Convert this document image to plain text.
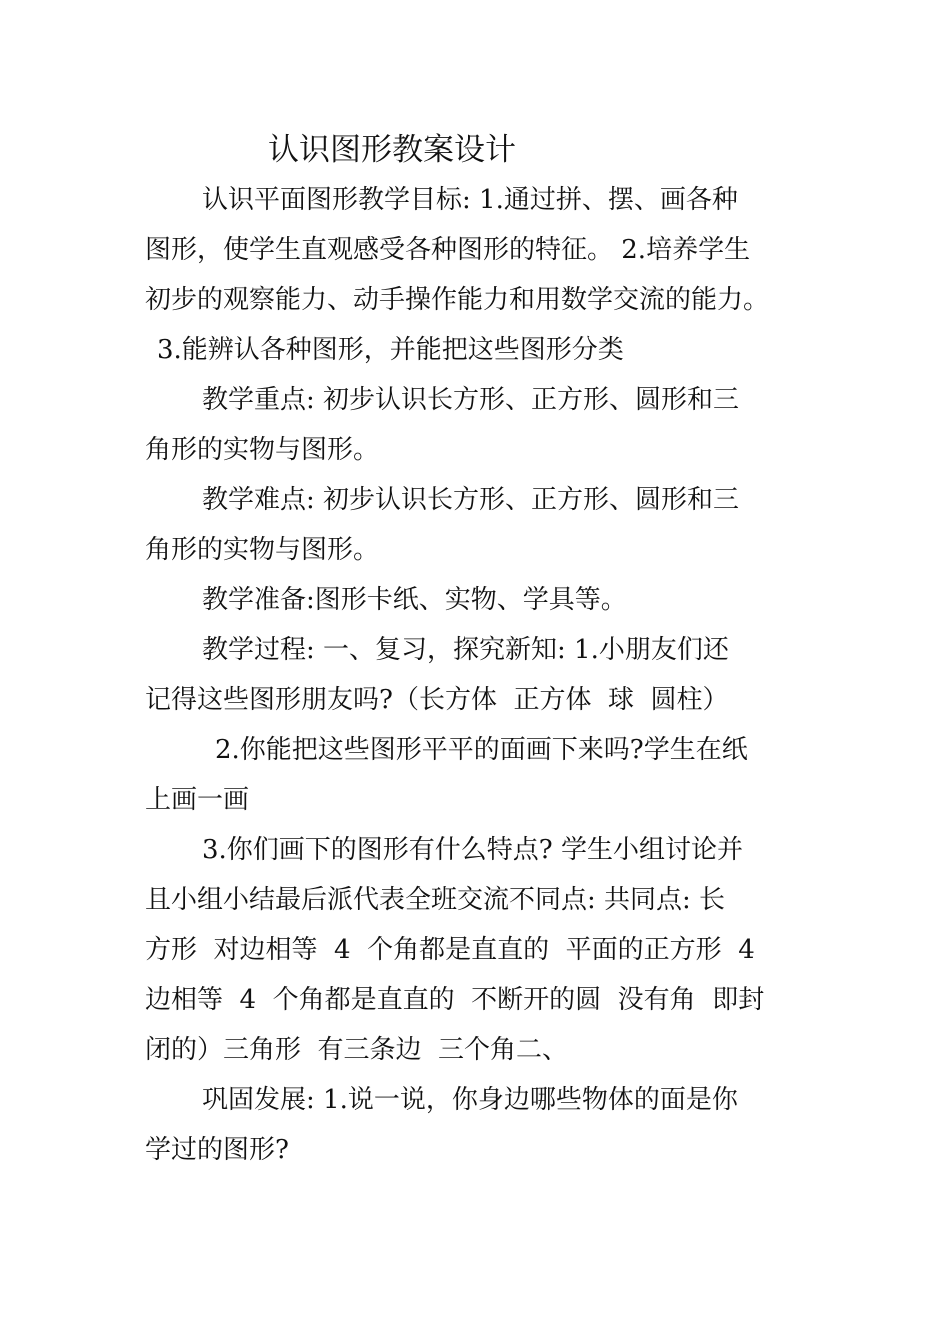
认识图形教案设计
认识平面图形教学目标: 1.通过拼、摆、画各种
图形，使学生直观感受各种图形的特征。 2.培养学生
初步的观察能力、动手操作能力和用数学交流的能力。
3.能辨认各种图形，并能把这些图形分类
教学重点: 初步认识长方形、正方形、圆形和三
角形的实物与图形。
教学难点: 初步认识长方形、正方形、圆形和三
角形的实物与图形。
教学准备:图形卡纸、实物、学具等。
教学过程: 一、复习，探究新知: 1.小朋友们还
记得这些图形朋友吗?（长方体  正方体  球  圆柱）
2.你能把这些图形平平的面画下来吗?学生在纸
上画一画
3.你们画下的图形有什么特点? 学生小组讨论并
且小组小结最后派代表全班交流不同点: 共同点: 长
方形  对边相等  4  个角都是直直的  平面的正方形  4
边相等  4  个角都是直直的  不断开的圆  没有角  即封
闭的）三角形  有三条边  三个角二、
巩固发展: 1.说一说，你身边哪些物体的面是你
学过的图形?
